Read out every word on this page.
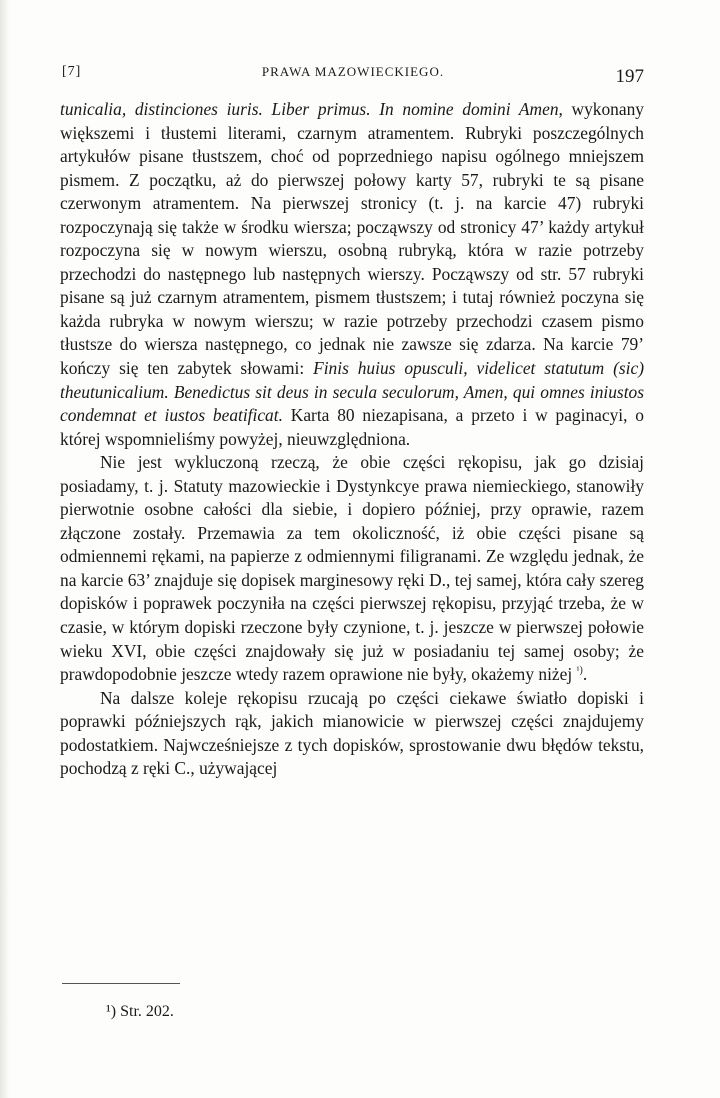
[7]	PRAWA MAZOWIECKIEGO.	197

tunicalia, distinciones iuris. Liber primus. In nomine domini Amen, wykonany większemi i tłustemi literami, czarnym atramentem. Rubryki poszczególnych artykułów pisane tłustszem, choć od poprzedniego napisu ogólnego mniejszem pismem. Z początku, aż do pierwszej połowy karty 57, rubryki te są pisane czerwonym atramentem. Na pierwszej stronicy (t. j. na karcie 47) rubryki rozpoczynają się także w środku wiersza; począwszy od stronicy 47’ każdy artykuł rozpoczyna się w nowym wierszu, osobną rubryką, która w razie potrzeby przechodzi do następnego lub następnych wierszy. Począwszy od str. 57 rubryki pisane są już czarnym atramentem, pismem tłustszem; i tutaj również poczyna się każda rubryka w nowym wierszu; w razie potrzeby przechodzi czasem pismo tłustsze do wiersza następnego, co jednak nie zawsze się zdarza. Na karcie 79’ kończy się ten zabytek słowami: Finis huius opusculi, videlicet statutum (sic) theutunicalium. Benedictus sit deus in secula seculorum, Amen, qui omnes iniustos condemnat et iustos beatificat. Karta 80 niezapisana, a przeto i w paginacyi, o której wspomnieliśmy powyżej, nieuwzględniona.

Nie jest wykluczoną rzeczą, że obie części rękopisu, jak go dzisiaj posiadamy, t. j. Statuty mazowieckie i Dystynkcye prawa niemieckiego, stanowiły pierwotnie osobne całości dla siebie, i dopiero później, przy oprawie, razem złączone zostały. Przemawia za tem okoliczność, iż obie części pisane są odmiennemi rękami, na papierze z odmiennymi filigranami. Ze względu jednak, że na karcie 63’ znajduje się dopisek marginesowy ręki D., tej samej, która cały szereg dopisków i poprawek poczyniła na części pierwszej rękopisu, przyjąć trzeba, że w czasie, w którym dopiski rzeczone były czynione, t. j. jeszcze w pierwszej połowie wieku XVI, obie części znajdowały się już w posiadaniu tej samej osoby; że prawdopodobnie jeszcze wtedy razem oprawione nie były, okażemy niżej $^{^1)}$.

Na dalsze koleje rękopisu rzucają po części ciekawe światło dopiski i poprawki późniejszych rąk, jakich mianowicie w pierwszej części znajdujemy podostatkiem. Najwcześniejsze z tych dopisków, sprostowanie dwu błędów tekstu, pochodzą z ręki C., używającej

¹) Str. 202.
